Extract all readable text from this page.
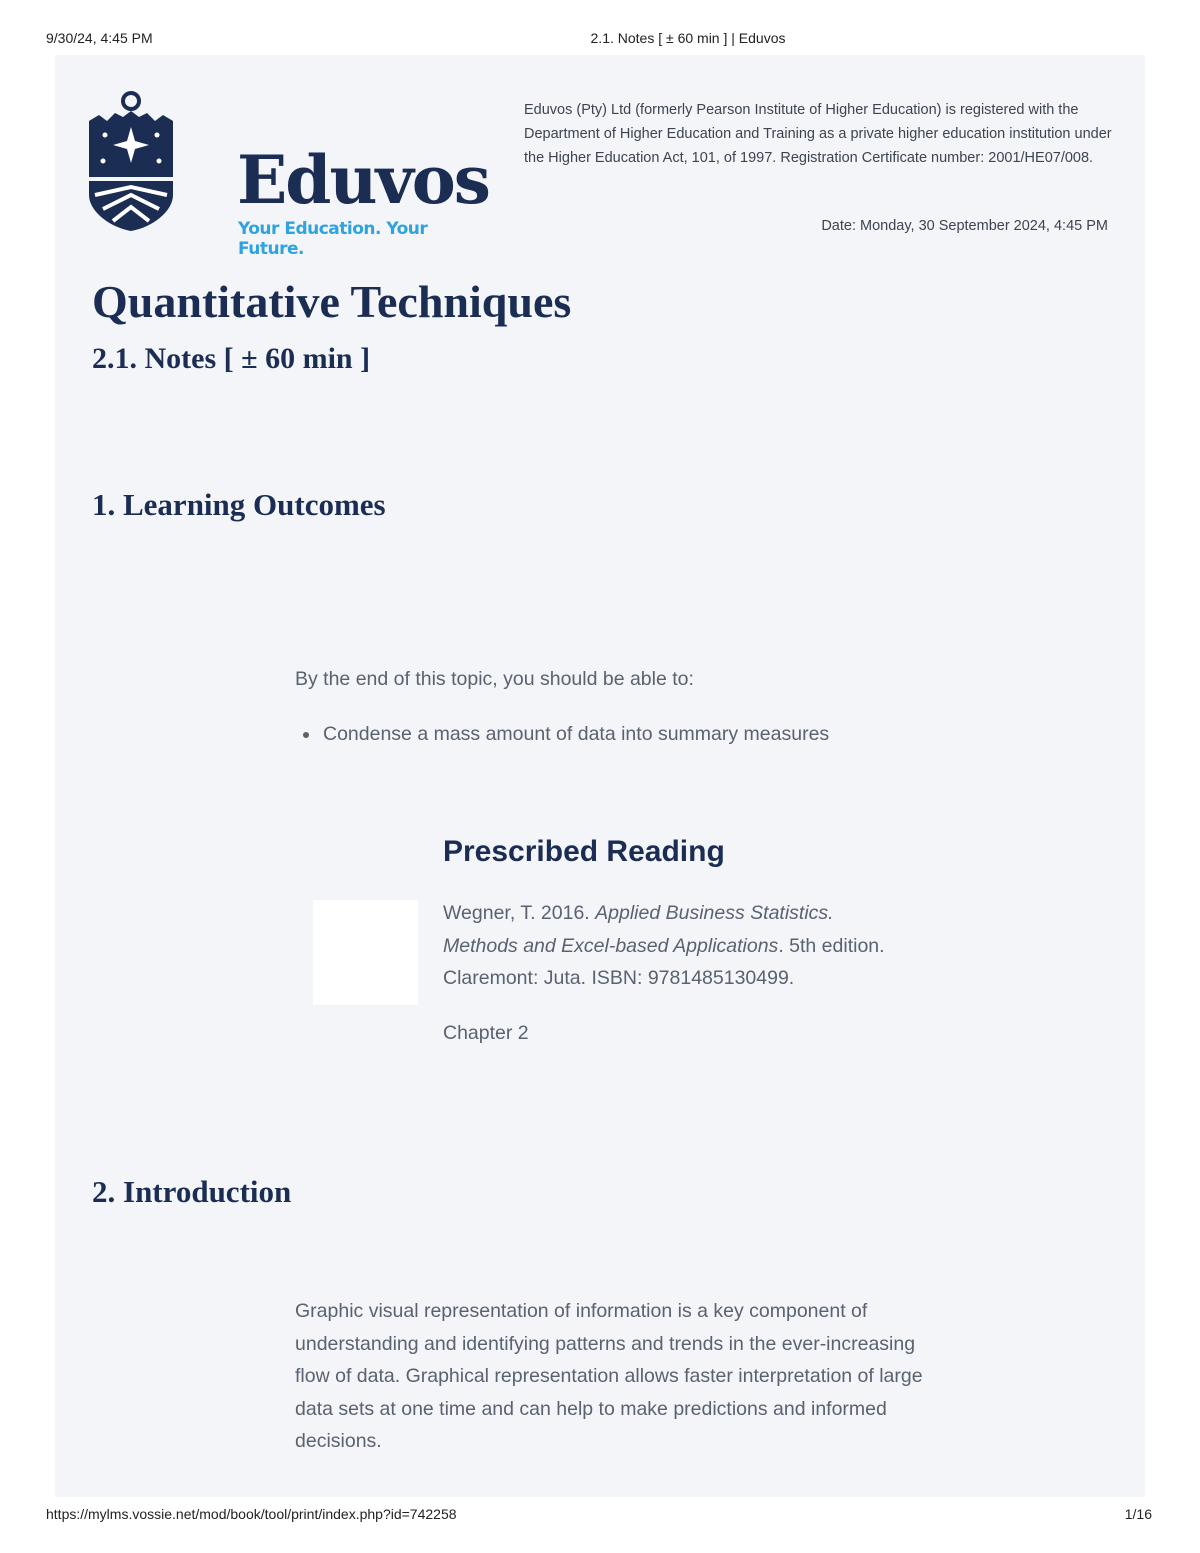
9/30/24, 4:45 PM	2.1. Notes [ ± 60 min ] | Eduvos
Eduvos
Your Education. Your Future.
Eduvos (Pty) Ltd (formerly Pearson Institute of Higher Education) is registered with the Department of Higher Education and Training as a private higher education institution under the Higher Education Act, 101, of 1997. Registration Certificate number: 2001/HE07/008.
Date: Monday, 30 September 2024, 4:45 PM
Quantitative Techniques
2.1. Notes [ ± 60 min ]
1. Learning Outcomes

By the end of this topic, you should be able to:

Condense a mass amount of data into summary measures
Prescribed Reading

Wegner, T. 2016. Applied Business Statistics. Methods and Excel-based Applications. 5th edition. Claremont: Juta. ISBN: 9781485130499.

Chapter 2

2. Introduction

Graphic visual representation of information is a key component of understanding and identifying patterns and trends in the ever-increasing flow of data. Graphical representation allows faster interpretation of large data sets at one time and can help to make predictions and informed decisions.

https://mylms.vossie.net/mod/book/tool/print/index.php?id=742258	1/16
